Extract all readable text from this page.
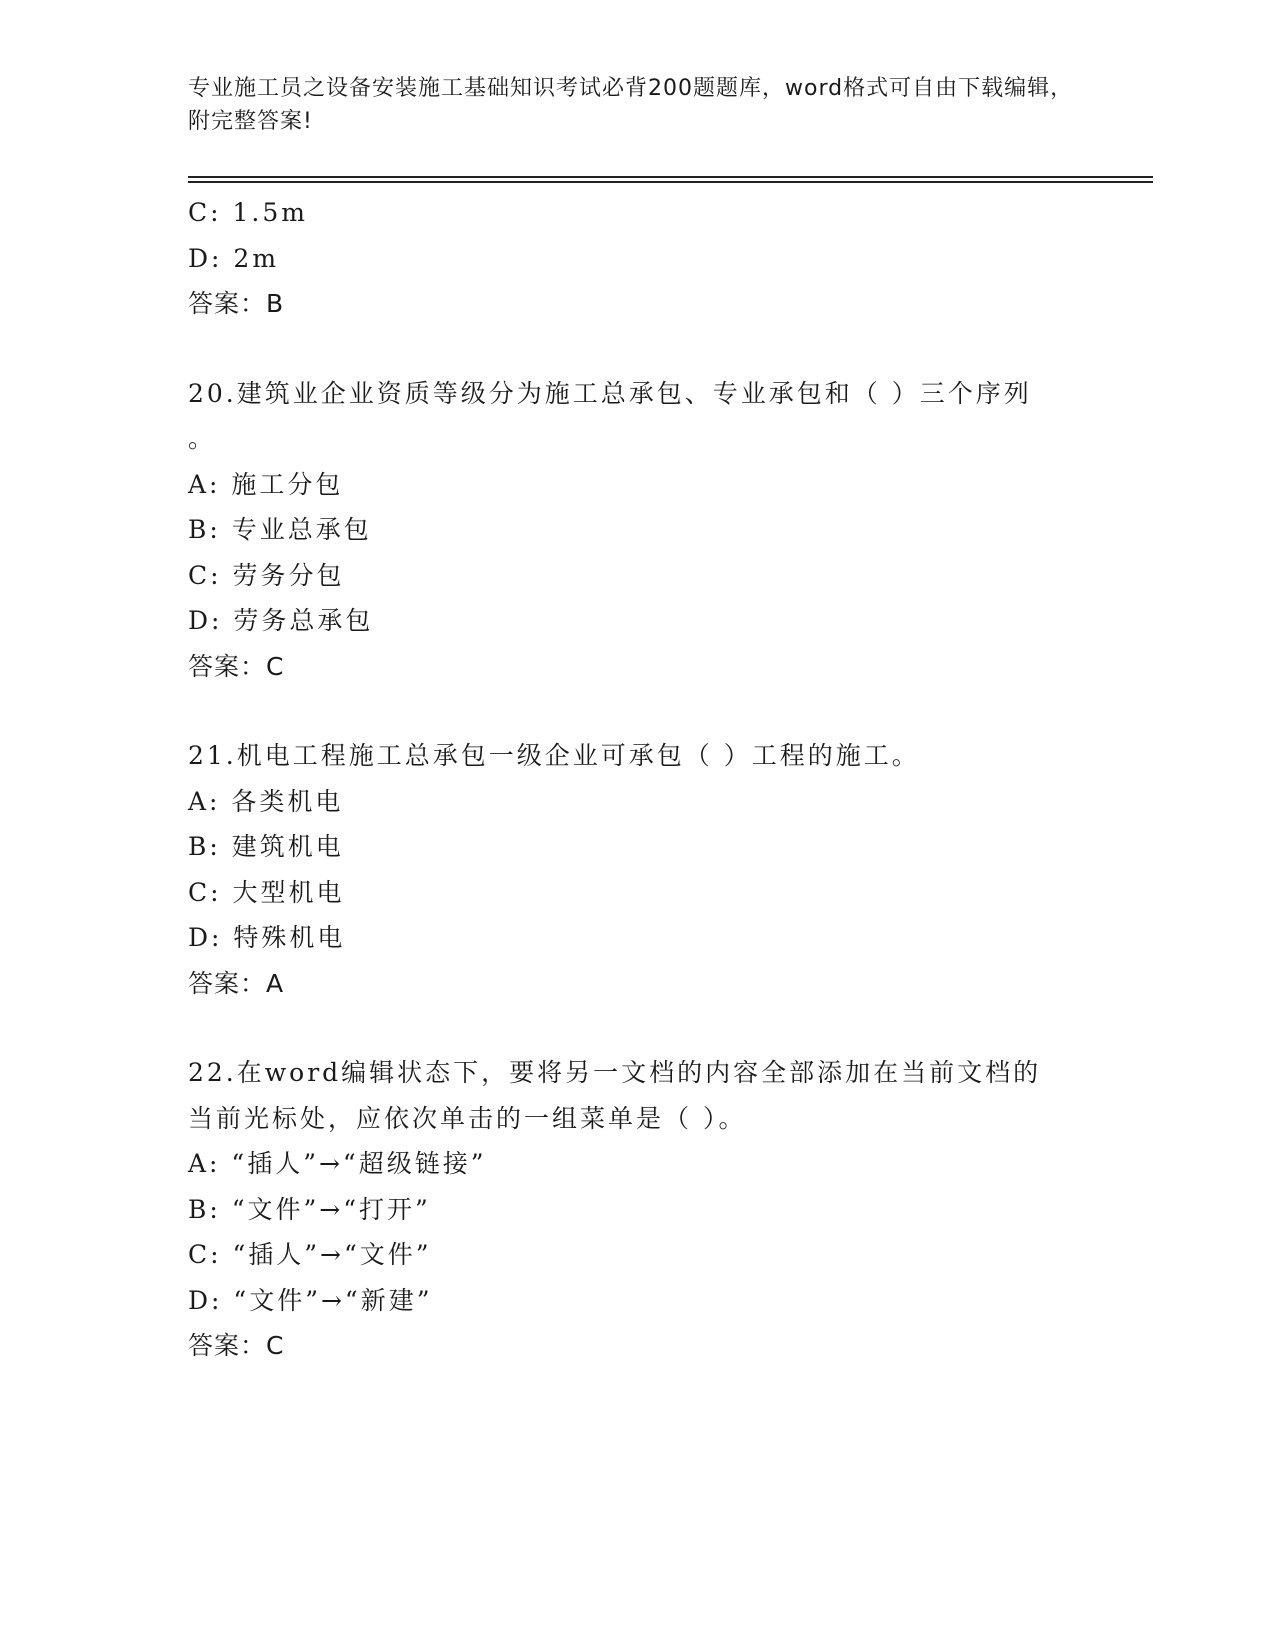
专业施工员之设备安装施工基础知识考试必背200题题库，word格式可自由下载编辑，附完整答案!
C: 1.5m
D: 2m
答案：B
20.建筑业企业资质等级分为施工总承包、专业承包和（ ）三个序列
。
A: 施工分包
B: 专业总承包
C: 劳务分包
D: 劳务总承包
答案：C
21.机电工程施工总承包一级企业可承包（ ）工程的施工。
A: 各类机电
B: 建筑机电
C: 大型机电
D: 特殊机电
答案：A
22.在word编辑状态下，要将另一文档的内容全部添加在当前文档的
当前光标处，应依次单击的一组菜单是（ ）。
A: “插人”→“超级链接”
B: “文件”→“打开”
C: “插人”→“文件”
D: “文件”→“新建”
答案：C
